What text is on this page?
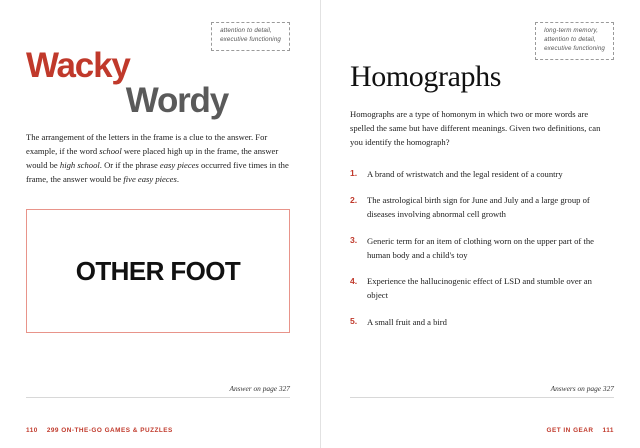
attention to detail,
executive functioning
Wacky
Wordy

The arrangement of the letters in the frame is a clue to the answer. For example, if the word school were placed high up in the frame, the answer would be high school. Or if the phrase easy pieces occurred five times in the frame, the answer would be five easy pieces.

OTHER FOOT
Answer on page 327
110 299 ON-THE-GO GAMES & PUZZLES
long-term memory,
attention to detail,
executive functioning
Homographs

Homographs are a type of homonym in which two or more words are spelled the same but have different meanings. Given two definitions, can you identify the homograph?

1.	A brand of wristwatch and the legal resident of a country
2.	The astrological birth sign for June and July and a large group of diseases involving abnormal cell growth
3.	Generic term for an item of clothing worn on the upper part of the human body and a child's toy
4.	Experience the hallucinogenic effect of LSD and stumble over an object
5.	A small fruit and a bird
Answers on page 327
GET IN GEAR 111
